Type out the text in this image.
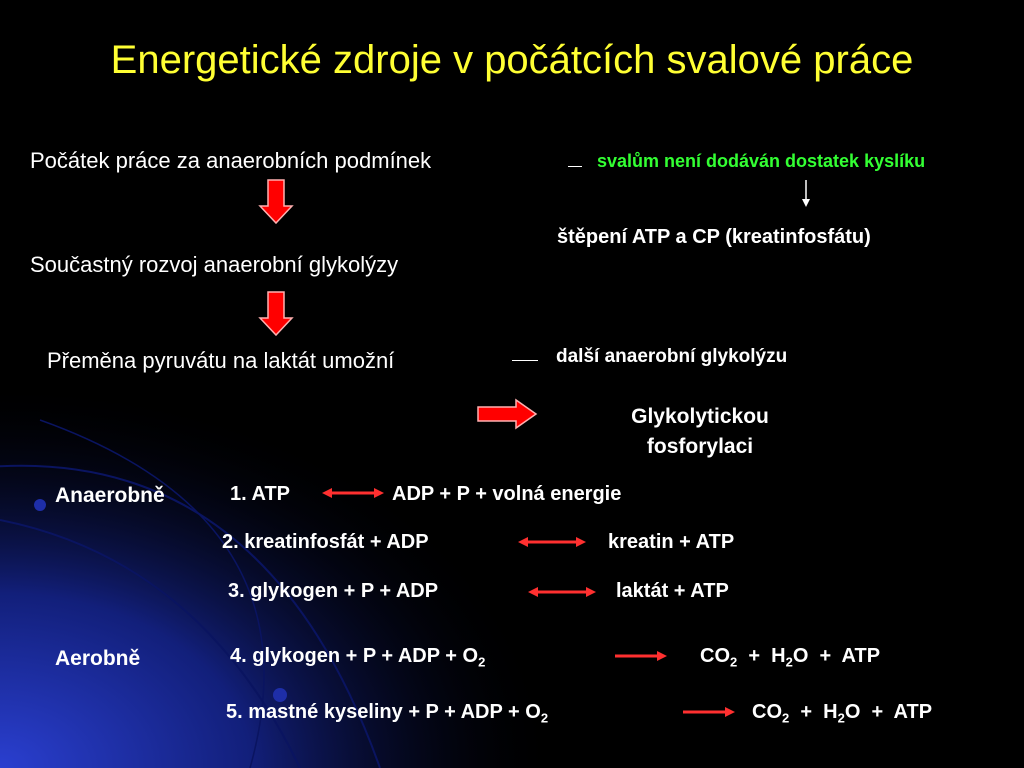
Energetické zdroje v počátcích svalové práce
Počátek práce za anaerobních podmínek	svalům není dodáván dostatek kyslíku
štěpení ATP a CP (kreatinfosfátu)
Součastný rozvoj anaerobní glykolýzy
Přeměna pyruvátu na laktát umožní	další anaerobní glykolýzu
Glykolytickou
fosforylaci
Anaerobně	1. ATP	ADP + P + volná energie
2. kreatinfosfát + ADP	kreatin + ATP
3. glykogen + P + ADP	laktát + ATP
Aerobně	4. glykogen + P + ADP + $O_2$	$CO_2 + H_2O$  +  ATP
5. mastné kyseliny + P + ADP + $O_2$	$CO_2 + H_2O$  +  ATP
